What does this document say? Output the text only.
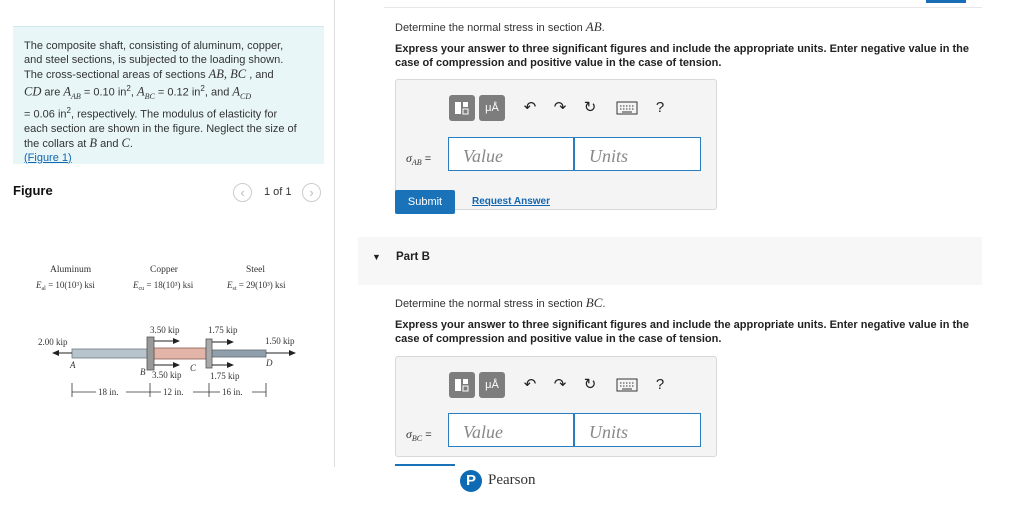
The composite shaft, consisting of aluminum, copper,
and steel sections, is subjected to the loading shown.
The cross-sectional areas of sections AB, BC , and
CD are $A_{AB} = 0.10$ $in^2$, $A_{BC} = 0.12$ $in^2$, and $A_{CD}$
= 0.06 $in^2$, respectively. The modulus of elasticity for
each section are shown in the figure. Neglect the size of
the collars at B and C.
(Figure 1)
Figure	‹	1 of 1	›
Aluminum	Copper	Steel
$E_{al} = 10(10^3)$ ksi	$E_{cu} = 18(10^3)$ ksi	$E_{st} = 29(10^3)$ ksi
2.00 kip
3.50 kip	1.75 kip
1.50 kip
A
B	C	D
3.50 kip	1.75 kip
18 in.	12 in.	16 in.
Determine the normal stress in section AB.
Express your answer to three significant figures and include the appropriate units. Enter negative value in the case of compression and positive value in the case of tension.
μÅ	↶	↷	↻	?
$\sigma_{AB}$ =	Value	Units
Submit	Request Answer
▼ Part B
Determine the normal stress in section BC.
Express your answer to three significant figures and include the appropriate units. Enter negative value in the case of compression and positive value in the case of tension.
μÅ	↶	↷	↻	?
$\sigma_{BC}$ =	Value	Units
P Pearson
